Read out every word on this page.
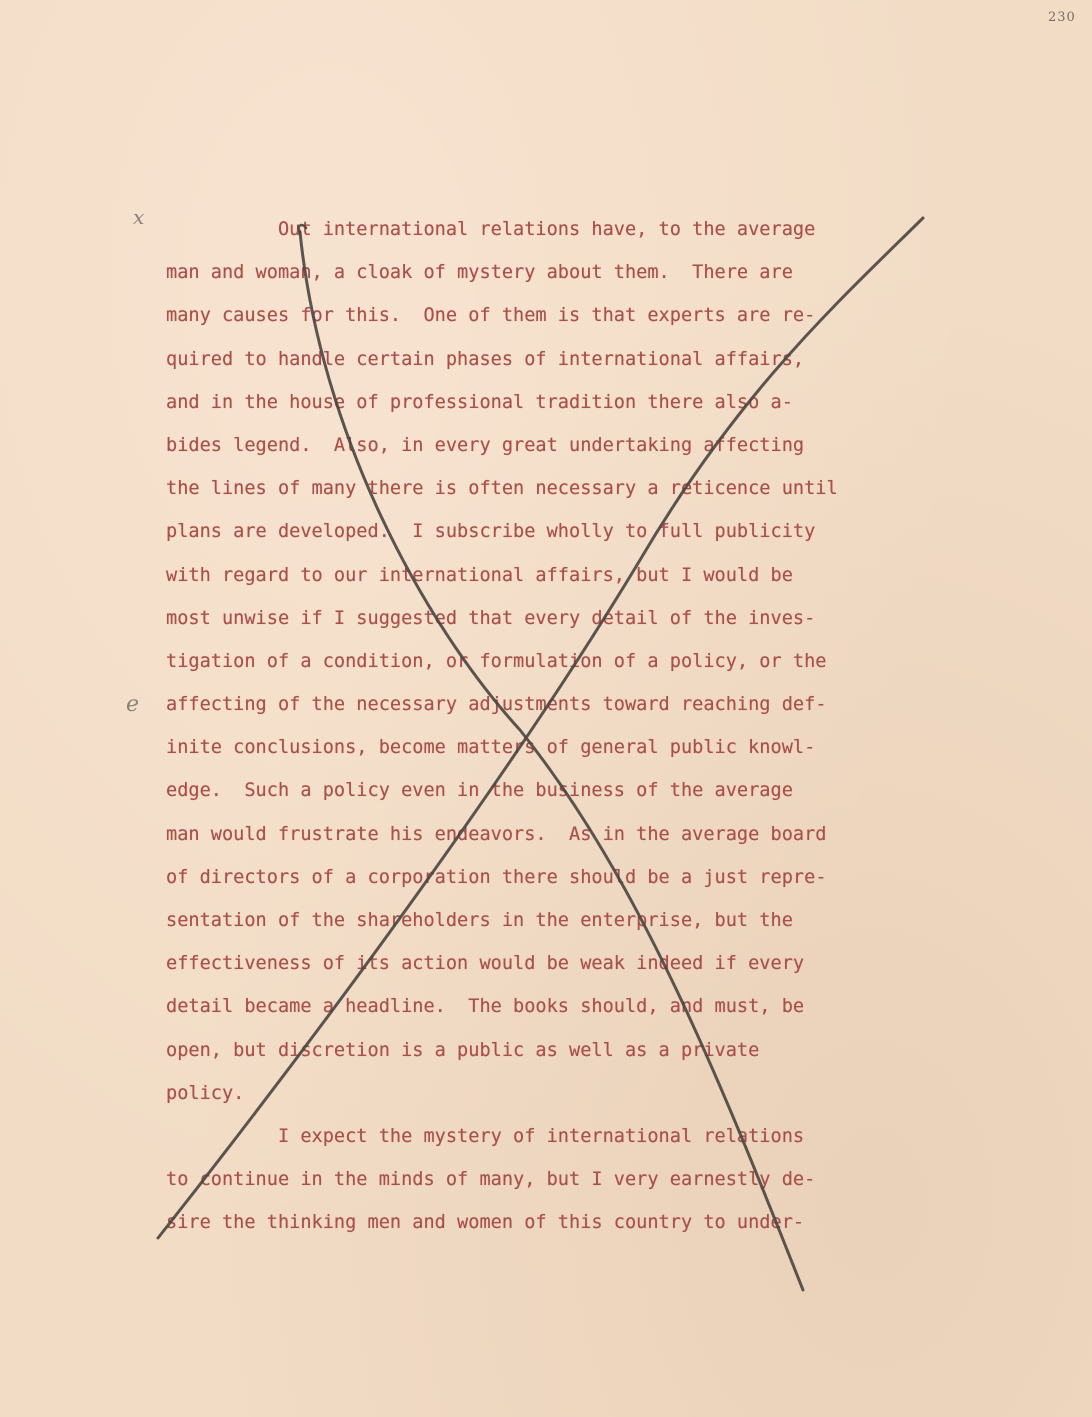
230
x
e
Out international relations have, to the average
man and woman, a cloak of mystery about them.  There are
many causes for this.  One of them is that experts are re-
quired to handle certain phases of international affairs,
and in the house of professional tradition there also a-
bides legend.  Also, in every great undertaking affecting
the lines of many there is often necessary a reticence until
plans are developed.  I subscribe wholly to full publicity
with regard to our international affairs, but I would be
most unwise if I suggested that every detail of the inves-
tigation of a condition, or formulation of a policy, or the
affecting of the necessary adjustments toward reaching def-
inite conclusions, become matters of general public knowl-
edge.  Such a policy even in the business of the average
man would frustrate his endeavors.  As in the average board
of directors of a corporation there should be a just repre-
sentation of the shareholders in the enterprise, but the
effectiveness of its action would be weak indeed if every
detail became a headline.  The books should, and must, be
open, but discretion is a public as well as a private
policy.
I expect the mystery of international relations
to continue in the minds of many, but I very earnestly de-
sire the thinking men and women of this country to under-
